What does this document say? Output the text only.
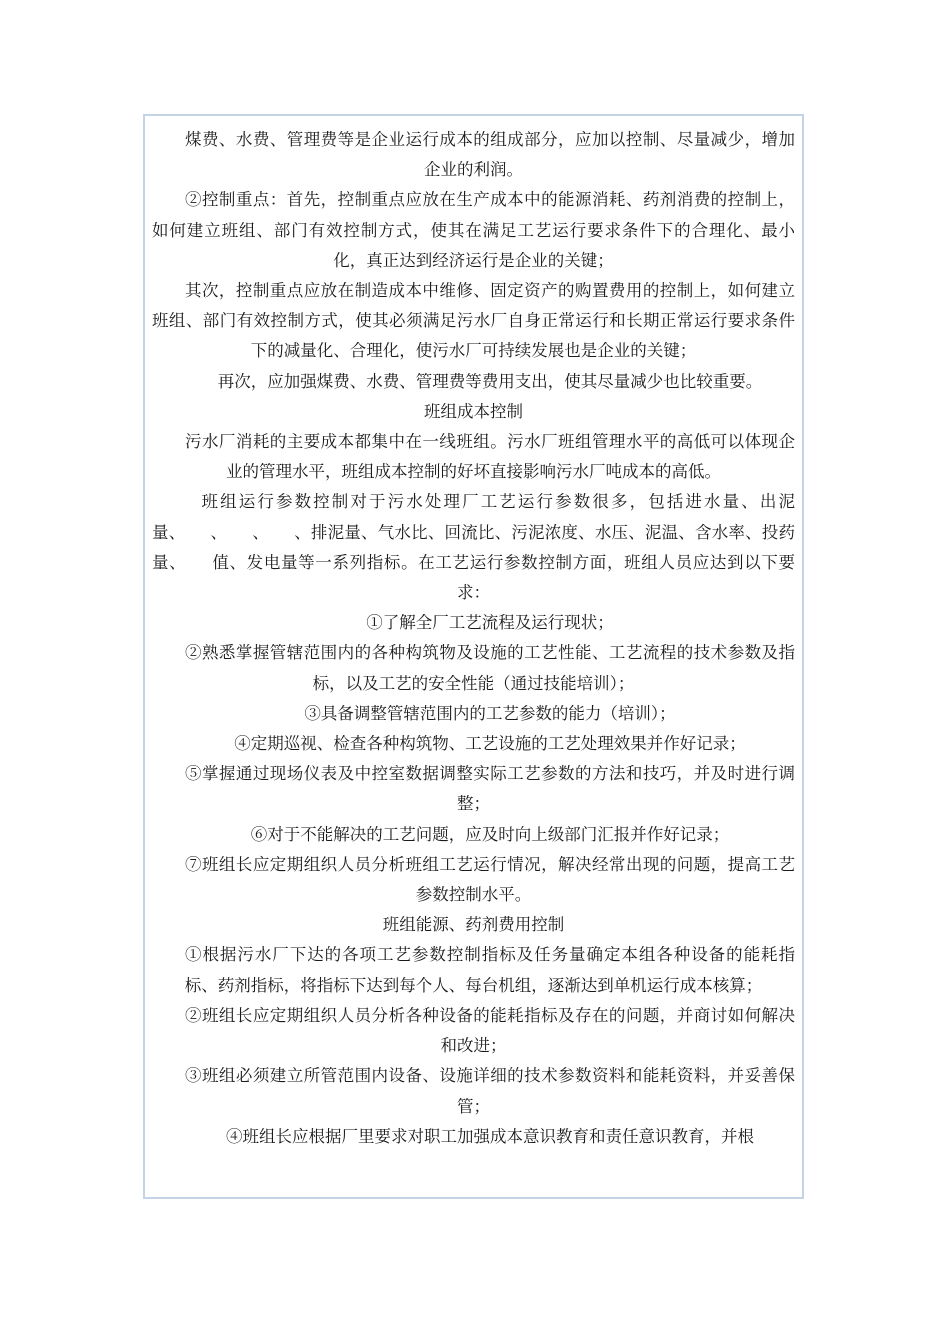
煤费、水费、管理费等是企业运行成本的组成部分，应加以控制、尽量减少，增加企业的利润。

②控制重点：首先，控制重点应放在生产成本中的能源消耗、药剂消费的控制上，如何建立班组、部门有效控制方式，使其在满足工艺运行要求条件下的合理化、最小化，真正达到经济运行是企业的关键；

其次，控制重点应放在制造成本中维修、固定资产的购置费用的控制上，如何建立班组、部门有效控制方式，使其必须满足污水厂自身正常运行和长期正常运行要求条件下的减量化、合理化，使污水厂可持续发展也是企业的关键；

再次，应加强煤费、水费、管理费等费用支出，使其尽量减少也比较重要。

班组成本控制

污水厂消耗的主要成本都集中在一线班组。污水厂班组管理水平的高低可以体现企业的管理水平，班组成本控制的好坏直接影响污水厂吨成本的高低。

班组运行参数控制对于污水处理厂工艺运行参数很多，包括进水量、出泥量、　　、　　、　　、排泥量、气水比、回流比、污泥浓度、水压、泥温、含水率、投药量、　　值、发电量等一系列指标。在工艺运行参数控制方面，班组人员应达到以下要求：

①了解全厂工艺流程及运行现状；

②熟悉掌握管辖范围内的各种构筑物及设施的工艺性能、工艺流程的技术参数及指标，以及工艺的安全性能（通过技能培训）；

③具备调整管辖范围内的工艺参数的能力（培训）；

④定期巡视、检查各种构筑物、工艺设施的工艺处理效果并作好记录；

⑤掌握通过现场仪表及中控室数据调整实际工艺参数的方法和技巧，并及时进行调整；

⑥对于不能解决的工艺问题，应及时向上级部门汇报并作好记录；

⑦班组长应定期组织人员分析班组工艺运行情况，解决经常出现的问题，提高工艺参数控制水平。

班组能源、药剂费用控制

①根据污水厂下达的各项工艺参数控制指标及任务量确定本组各种设备的能耗指标、药剂指标，将指标下达到每个人、每台机组，逐渐达到单机运行成本核算；

②班组长应定期组织人员分析各种设备的能耗指标及存在的问题，并商讨如何解决和改进；

③班组必须建立所管范围内设备、设施详细的技术参数资料和能耗资料，并妥善保管；

④班组长应根据厂里要求对职工加强成本意识教育和责任意识教育，并根
